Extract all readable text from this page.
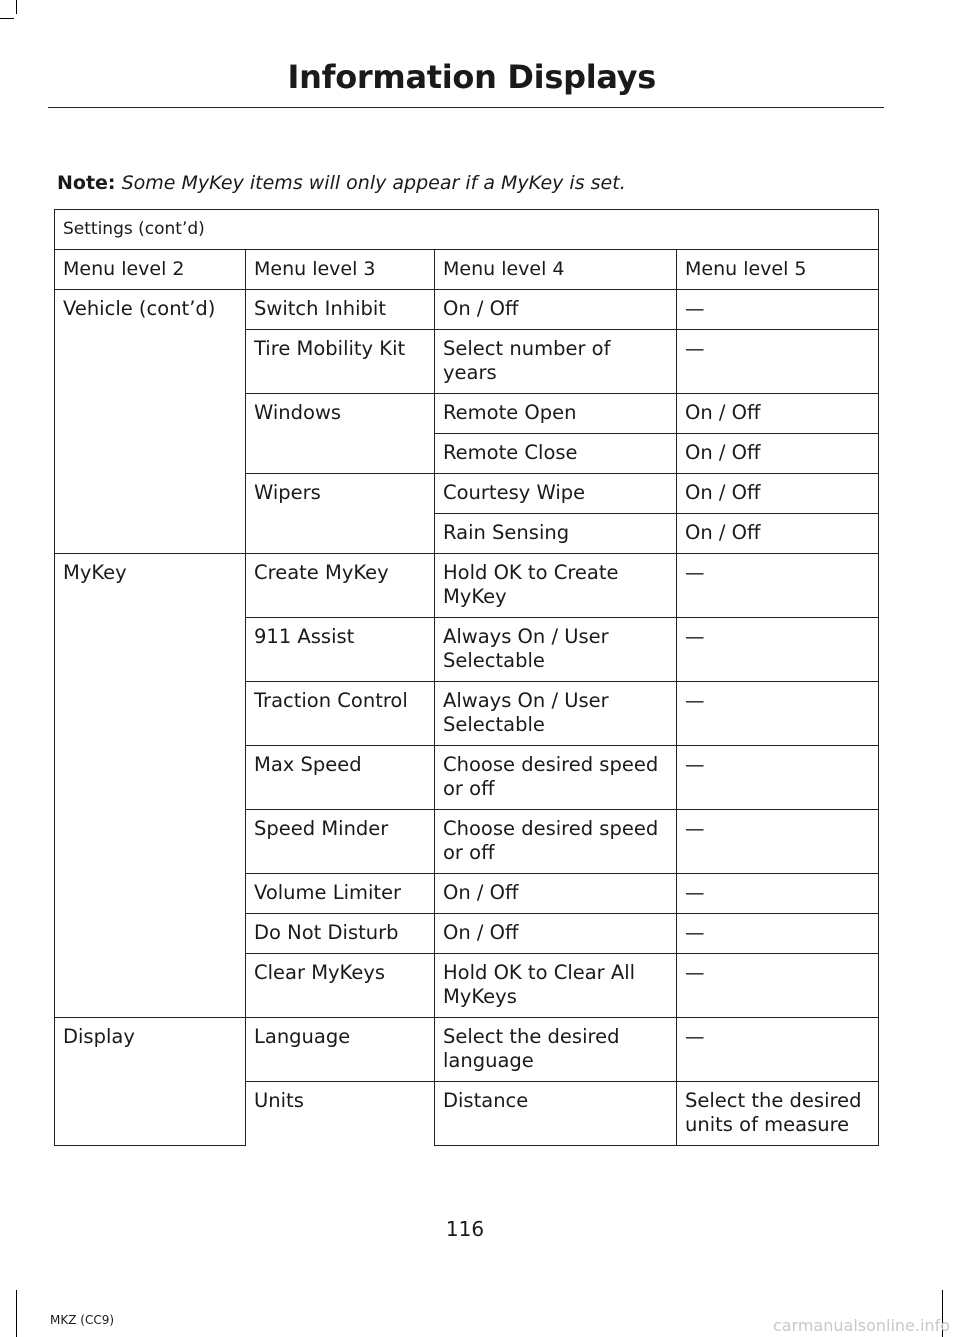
Information Displays
Note: Some MyKey items will only appear if a MyKey is set.
Settings (cont’d)			
Menu level 2	Menu level 3	Menu level 4	Menu level 5
Vehicle (cont’d)	Switch Inhibit	On / Off	—
	Tire Mobility Kit	Select number of years	—
	Windows	Remote Open	On / Off
		Remote Close	On / Off
	Wipers	Courtesy Wipe	On / Off
		Rain Sensing	On / Off
MyKey	Create MyKey	Hold OK to Create MyKey	—
	911 Assist	Always On / User Selectable	—
	Traction Control	Always On / User Selectable	—
	Max Speed	Choose desired speed or off	—
	Speed Minder	Choose desired speed or off	—
	Volume Limiter	On / Off	—
	Do Not Disturb	On / Off	—
	Clear MyKeys	Hold OK to Clear All MyKeys	—
Display	Language	Select the desired language	—
	Units	Distance	Select the desired units of measure
116
MKZ (CC9)	carmanualsonline.info
